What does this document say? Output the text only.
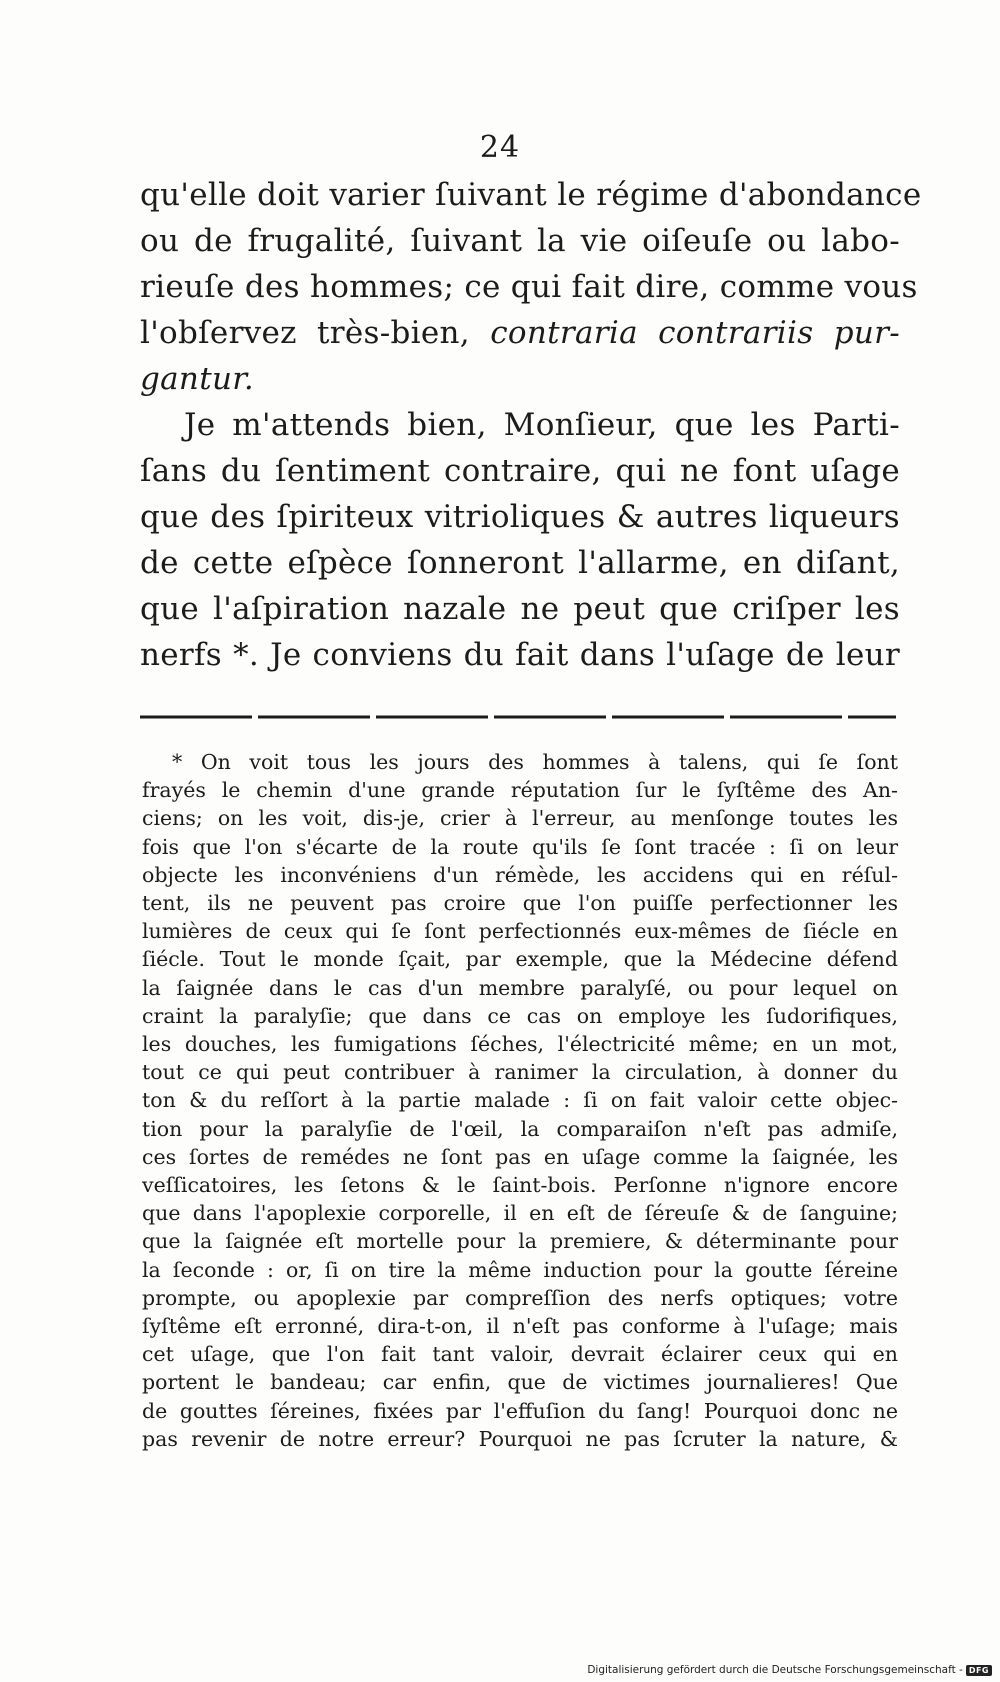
24
qu'elle doit varier ſuivant le régime d'abondance
ou de frugalité, ſuivant la vie oiſeuſe ou labo-
rieuſe des hommes; ce qui fait dire, comme vous
l'obſervez très-bien, contraria contrariis pur-
gantur.
Je m'attends bien, Monſieur, que les Parti-
ſans du ſentiment contraire, qui ne font uſage
que des ſpiriteux vitrioliques & autres liqueurs
de cette eſpèce ſonneront l'allarme, en diſant,
que l'aſpiration nazale ne peut que criſper les
nerfs *. Je conviens du fait dans l'uſage de leur
* On voit tous les jours des hommes à talens, qui ſe ſont
frayés le chemin d'une grande réputation ſur le ſyſtême des An-
ciens; on les voit, dis-je, crier à l'erreur, au menſonge toutes les
fois que l'on s'écarte de la route qu'ils ſe ſont tracée : ſi on leur
objecte les inconvéniens d'un rémède, les accidens qui en réſul-
tent, ils ne peuvent pas croire que l'on puiſſe perfectionner les
lumières de ceux qui ſe ſont perfectionnés eux-mêmes de ſiécle en
ſiécle. Tout le monde ſçait, par exemple, que la Médecine défend
la ſaignée dans le cas d'un membre paralyſé, ou pour lequel on
craint la paralyſie; que dans ce cas on employe les ſudorifiques,
les douches, les fumigations ſéches, l'électricité même; en un mot,
tout ce qui peut contribuer à ranimer la circulation, à donner du
ton & du reſſort à la partie malade : ſi on fait valoir cette objec-
tion pour la paralyſie de l'œil, la comparaiſon n'eſt pas admiſe,
ces ſortes de remédes ne ſont pas en uſage comme la ſaignée, les
veſſicatoires, les ſetons & le ſaint-bois. Perſonne n'ignore encore
que dans l'apoplexie corporelle, il en eſt de ſéreuſe & de ſanguine;
que la ſaignée eſt mortelle pour la premiere, & déterminante pour
la ſeconde : or, ſi on tire la même induction pour la goutte ſéreine
prompte, ou apoplexie par compreſſion des nerfs optiques; votre
ſyſtême eſt erronné, dira-t-on, il n'eſt pas conforme à l'uſage; mais
cet uſage, que l'on fait tant valoir, devrait éclairer ceux qui en
portent le bandeau; car enfin, que de victimes journalieres! Que
de gouttes ſéreines, fixées par l'effuſion du ſang! Pourquoi donc ne
pas revenir de notre erreur? Pourquoi ne pas ſcruter la nature, &
Digitalisierung gefördert durch die Deutsche Forschungsgemeinschaft - DFG
